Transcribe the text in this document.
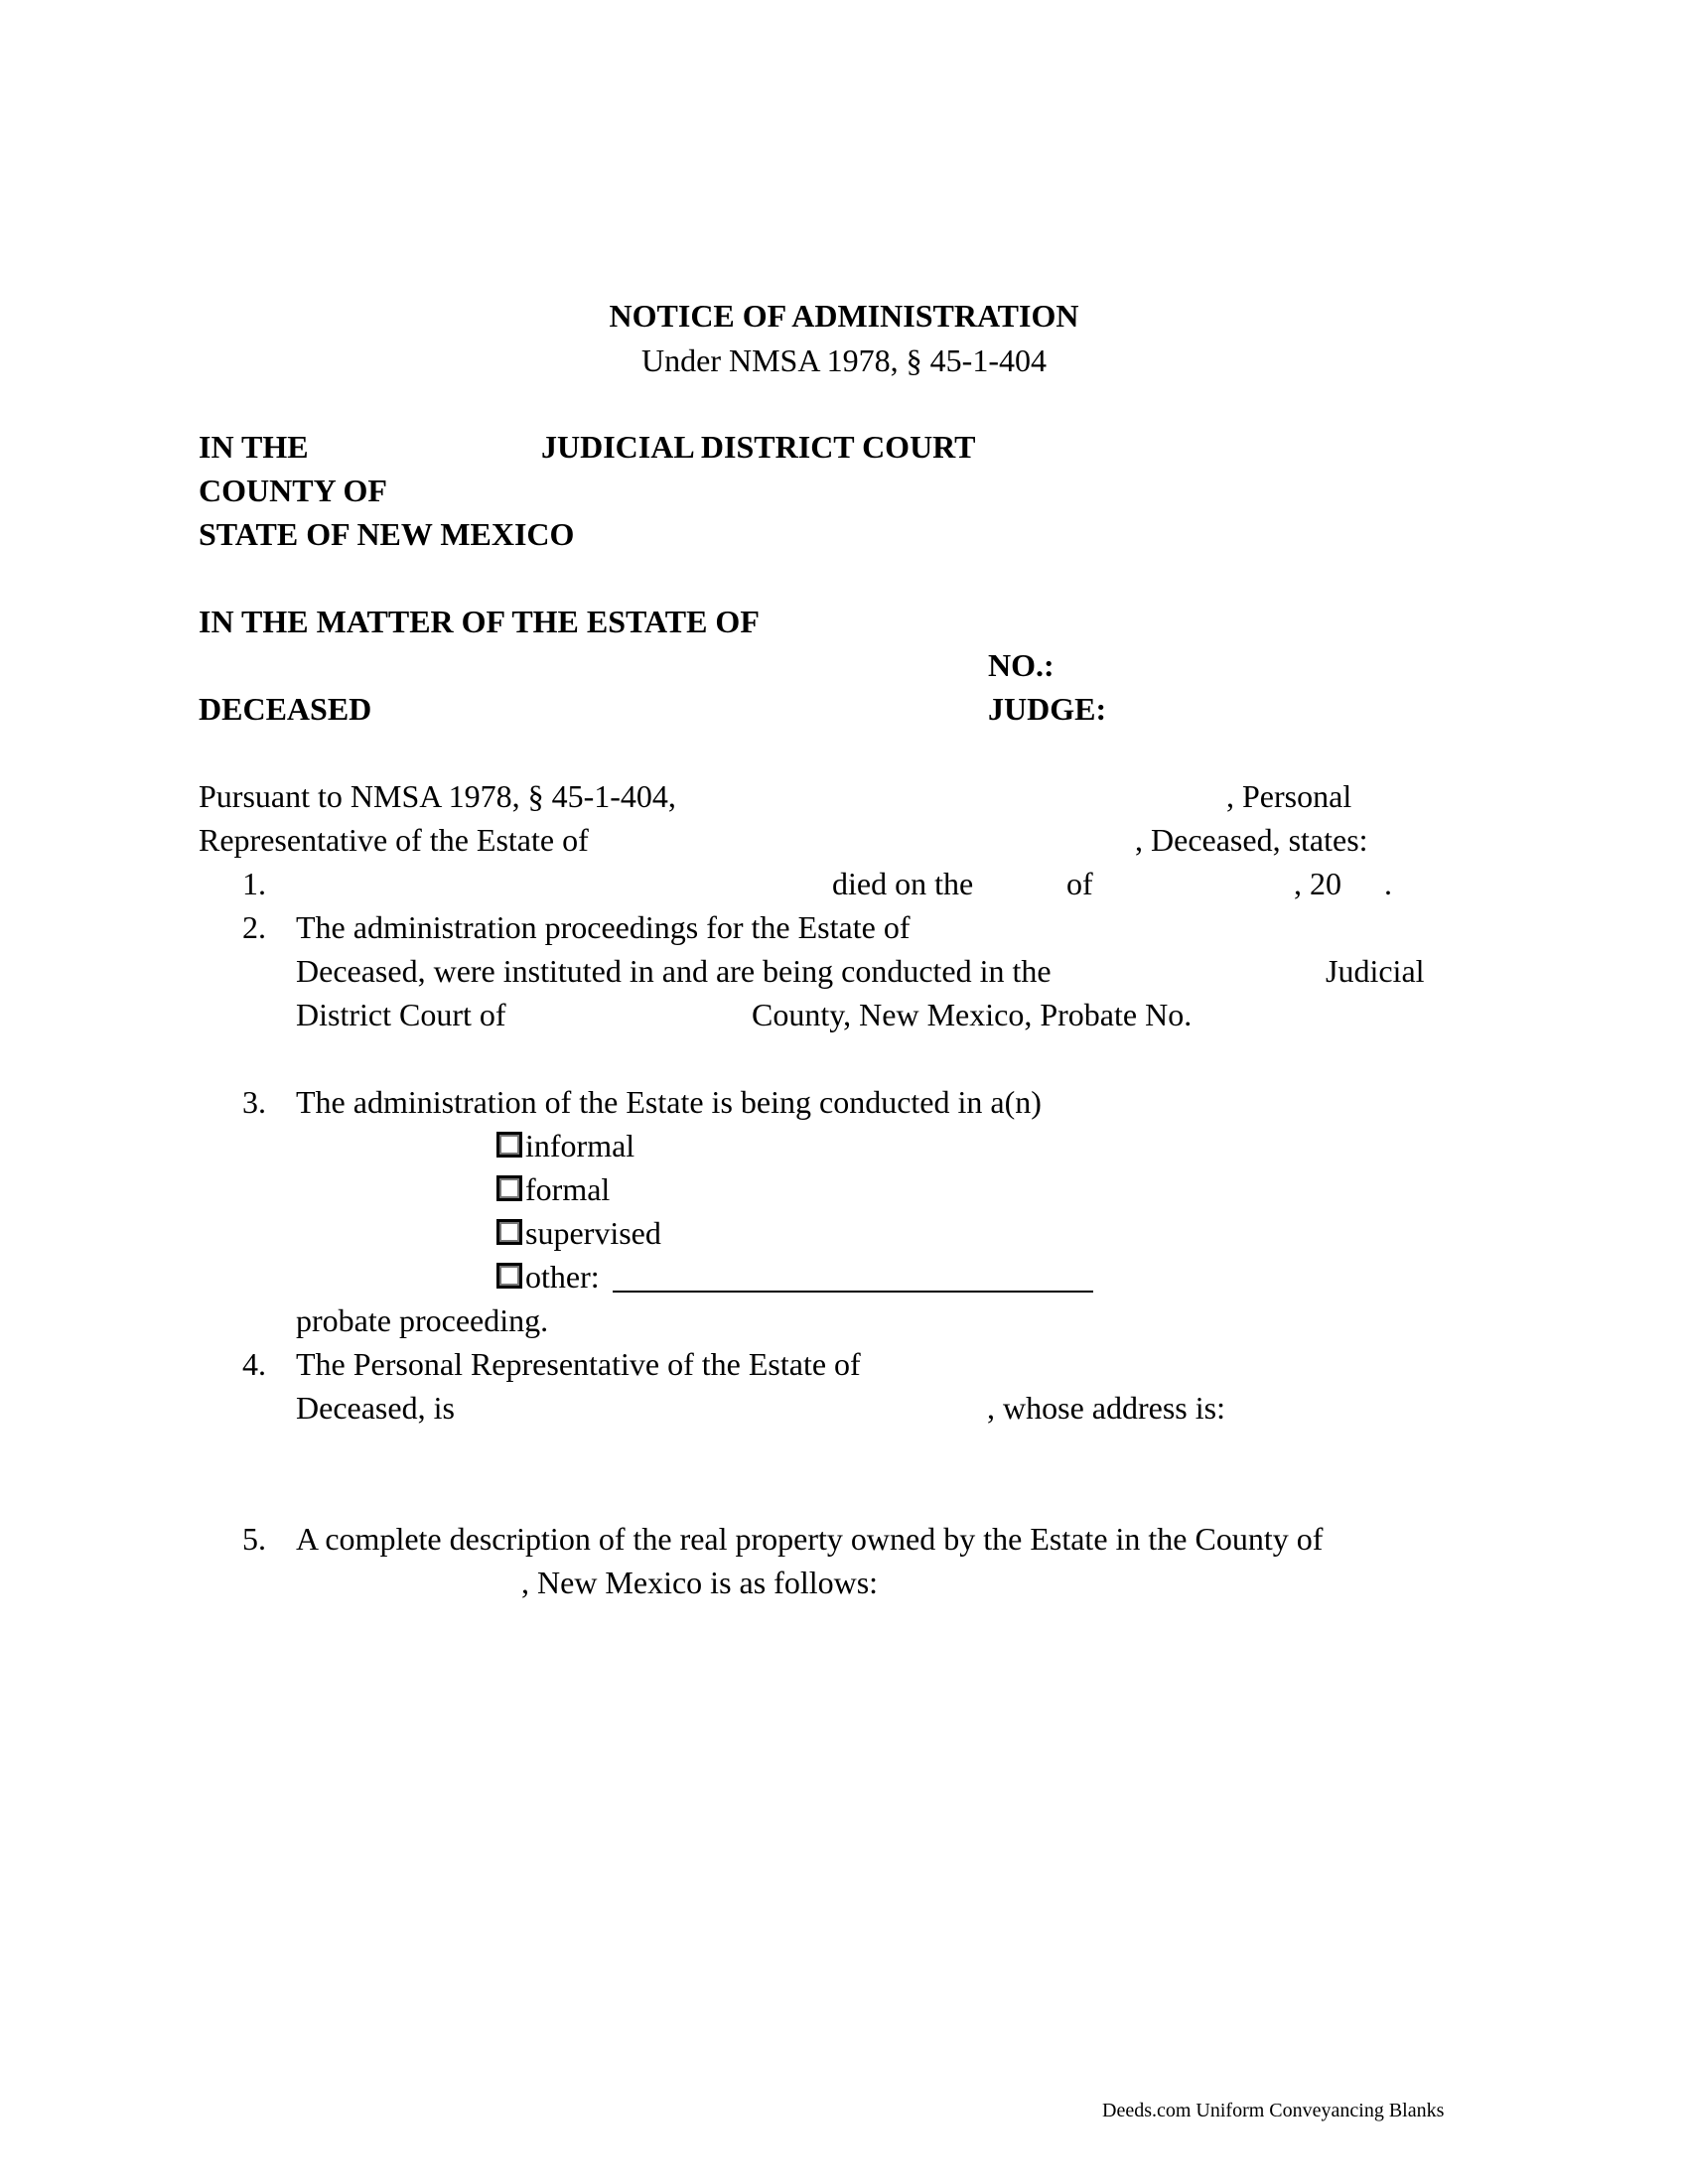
NOTICE OF ADMINISTRATION
Under NMSA 1978, § 45-1-404
IN THE	JUDICIAL DISTRICT COURT
COUNTY OF
STATE OF NEW MEXICO
IN THE MATTER OF THE ESTATE OF
NO.:
DECEASED	JUDGE:
Pursuant to NMSA 1978, § 45-1-404,	, Personal
Representative of the Estate of	, Deceased, states:
1.	died on the	of	, 20 .
2. The administration proceedings for the Estate of
Deceased, were instituted in and are being conducted in the	Judicial
District Court of	County, New Mexico, Probate No.
3. The administration of the Estate is being conducted in a(n)
informal
formal
supervised
other:
probate proceeding.
4. The Personal Representative of the Estate of
Deceased, is	, whose address is:
5. A complete description of the real property owned by the Estate in the County of
, New Mexico is as follows:
Deeds.com Uniform Conveyancing Blanks
